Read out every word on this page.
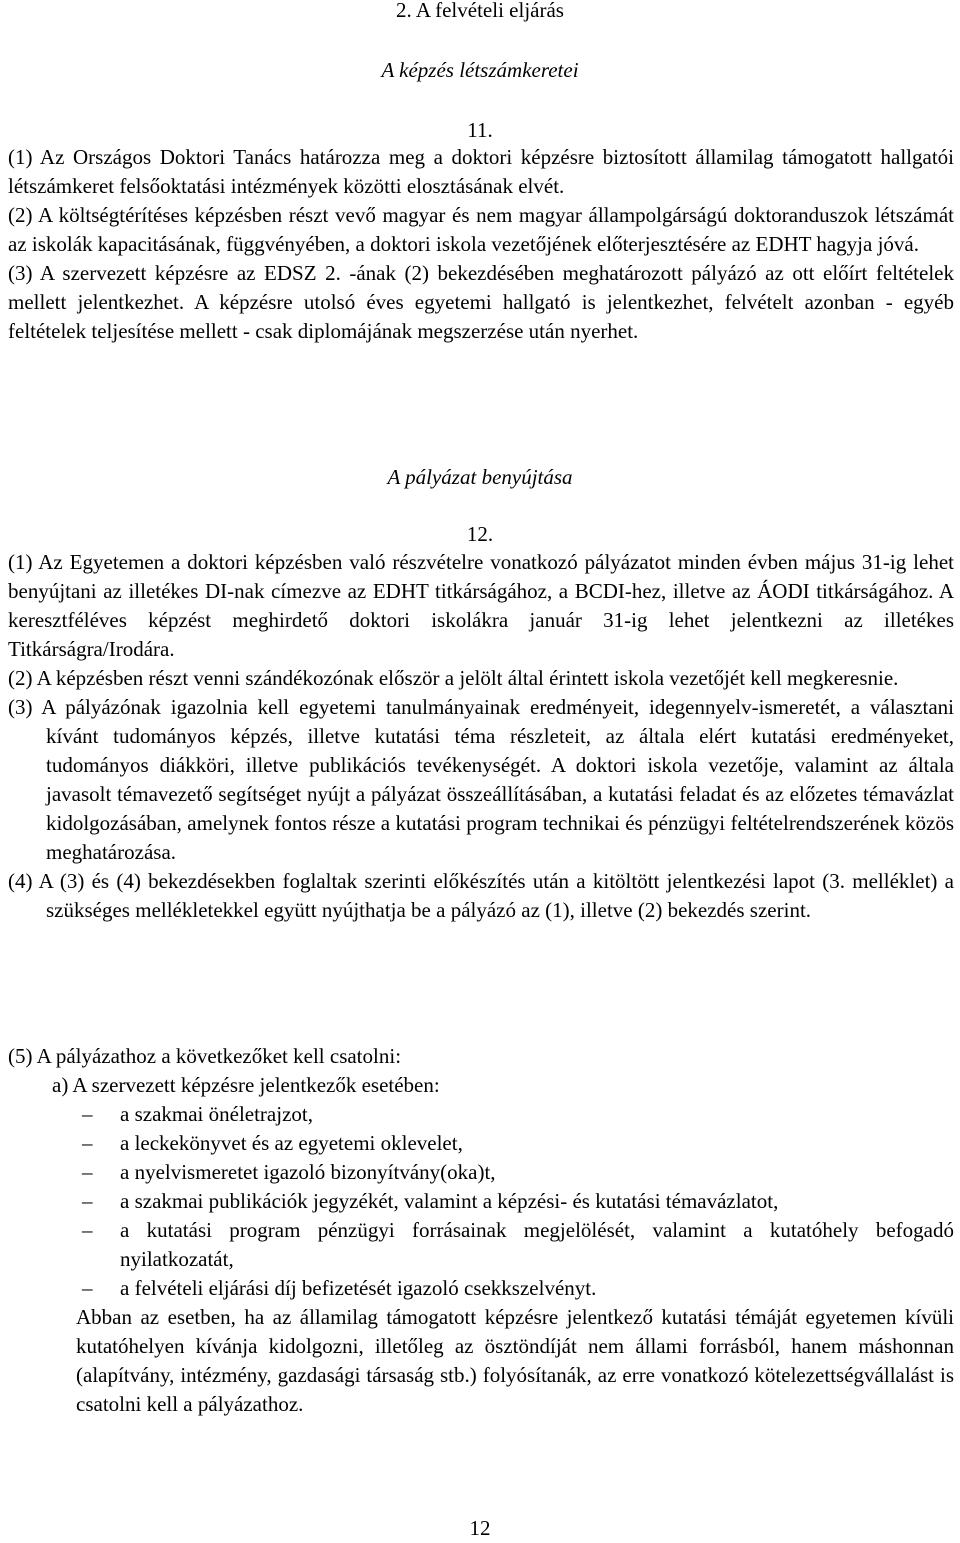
2. A felvételi eljárás
A képzés létszámkeretei
11.

(1) Az Országos Doktori Tanács határozza meg a doktori képzésre biztosított államilag támogatott hallgatói létszámkeret felsőoktatási intézmények közötti elosztásának elvét.

(2) A költségtérítéses képzésben részt vevő magyar és nem magyar állampolgárságú doktoranduszok létszámát az iskolák kapacitásának, függvényében, a doktori iskola vezetőjének előterjesztésére az EDHT hagyja jóvá.

(3) A szervezett képzésre az EDSZ 2. -ának (2) bekezdésében meghatározott pályázó az ott előírt feltételek mellett jelentkezhet. A képzésre utolsó éves egyetemi hallgató is jelentkezhet, felvételt azonban - egyéb feltételek teljesítése mellett - csak diplomájának megszerzése után nyerhet.

A pályázat benyújtása
12.

(1) Az Egyetemen a doktori képzésben való részvételre vonatkozó pályázatot minden évben május 31-ig lehet benyújtani az illetékes DI-nak címezve az EDHT titkárságához, a BCDI-hez, illetve az ÁODI titkárságához. A keresztféléves képzést meghirdető doktori iskolákra január 31-ig lehet jelentkezni az illetékes Titkárságra/Irodára.

(2) A képzésben részt venni szándékozónak először a jelölt által érintett iskola vezetőjét kell megkeresnie.

(3) A pályázónak igazolnia kell egyetemi tanulmányainak eredményeit, idegennyelv-ismeretét, a választani kívánt tudományos képzés, illetve kutatási téma részleteit, az általa elért kutatási eredményeket, tudományos diákköri, illetve publikációs tevékenységét. A doktori iskola vezetője, valamint az általa javasolt témavezető segítséget nyújt a pályázat összeállításában, a kutatási feladat és az előzetes témavázlat kidolgozásában, amelynek fontos része a kutatási program technikai és pénzügyi feltételrendszerének közös meghatározása.

(4) A (3) és (4) bekezdésekben foglaltak szerinti előkészítés után a kitöltött jelentkezési lapot (3. melléklet) a szükséges mellékletekkel együtt nyújthatja be a pályázó az (1), illetve (2) bekezdés szerint.

(5) A pályázathoz a következőket kell csatolni:

a) A szervezett képzésre jelentkezők esetében:

– a szakmai önéletrajzot,
– a leckekönyvet és az egyetemi oklevelet,
– a nyelvismeretet igazoló bizonyítvány(oka)t,
– a szakmai publikációk jegyzékét, valamint a képzési- és kutatási témavázlatot,
– a kutatási program pénzügyi forrásainak megjelölését, valamint a kutatóhely befogadó nyilatkozatát,
– a felvételi eljárási díj befizetését igazoló csekkszelvényt.

Abban az esetben, ha az államilag támogatott képzésre jelentkező kutatási témáját egyetemen kívüli kutatóhelyen kívánja kidolgozni, illetőleg az ösztöndíját nem állami forrásból, hanem máshonnan (alapítvány, intézmény, gazdasági társaság stb.) folyósítanák, az erre vonatkozó kötelezettségvállalást is csatolni kell a pályázathoz.

12
